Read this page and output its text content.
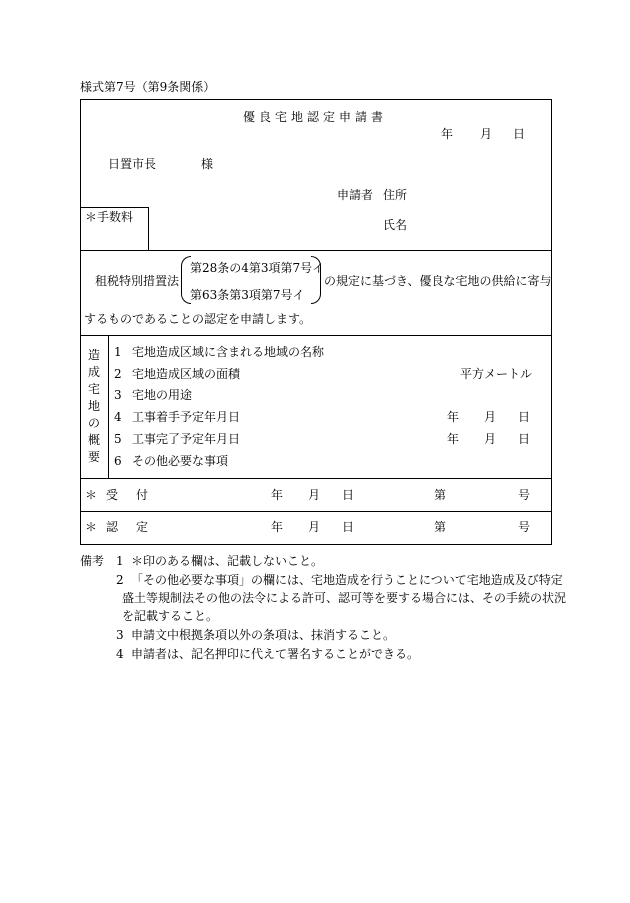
様式第7号（第9条関係）
優良宅地認定申請書
年 月 日
日置市長	様
申請者 住所
氏名
＊手数料
租税特別措置法
第28条の4第3項第7号イ
第63条第3項第7号イ
の規定に基づき、優良な宅地の供給に寄与
するものであることの認定を申請します。
造
成
宅
地
の
概
要
1 宅地造成区域に含まれる地域の名称
2 宅地造成区域の面積	平方メートル
3 宅地の用途
4 工事着手予定年月日	年 月 日
5 工事完了予定年月日	年 月 日
6 その他必要な事項
＊ 受付	年 月 日	第	号
＊ 認定	年 月 日	第	号
備考 1 ＊印のある欄は、記載しないこと。
2 「その他必要な事項」の欄には、宅地造成を行うことについて宅地造成及び特定
盛土等規制法その他の法令による許可、認可等を要する場合には、その手続の状況
を記載すること。
3 申請文中根拠条項以外の条項は、抹消すること。
4 申請者は、記名押印に代えて署名することができる。
